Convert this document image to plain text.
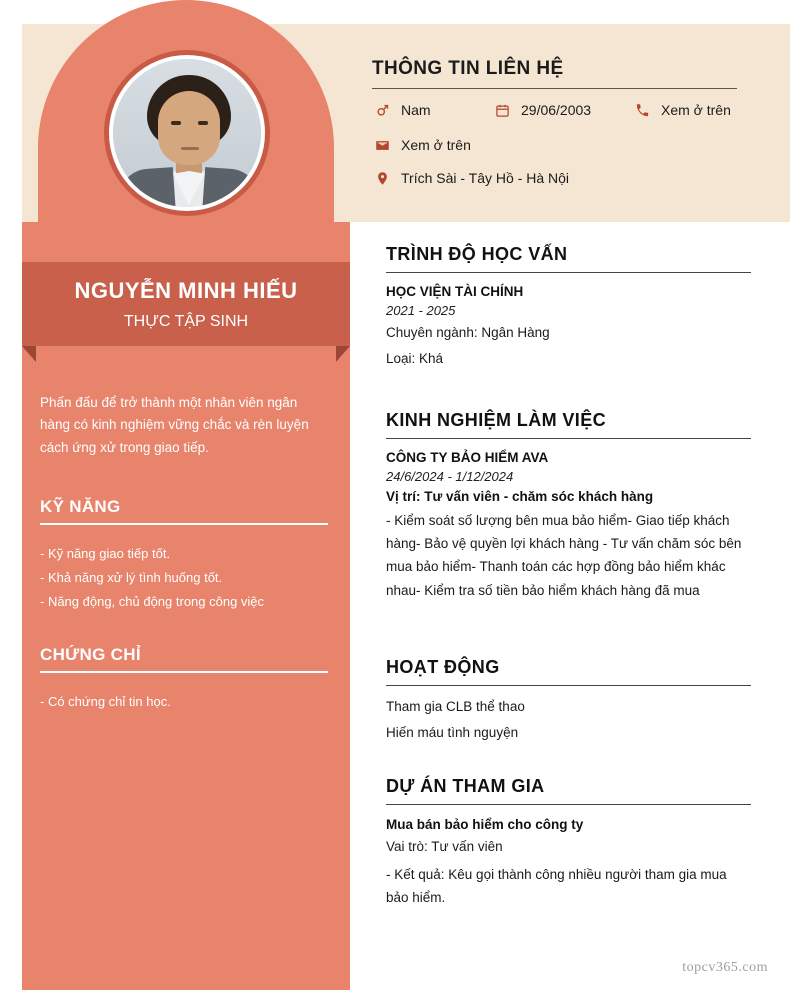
NGUYỄN MINH HIẾU
THỰC TẬP SINH
Phấn đấu để trở thành một nhân viên ngân hàng có kinh nghiệm vững chắc và rèn luyện cách ứng xử trong giao tiếp.
KỸ NĂNG
- Kỹ năng giao tiếp tốt.
- Khả năng xử lý tình huống tốt.
- Năng động, chủ động trong công việc
CHỨNG CHỈ
- Có chứng chỉ tin học.
THÔNG TIN LIÊN HỆ
Nam	29/06/2003	Xem ở trên
Xem ở trên
Trích Sài - Tây Hồ - Hà Nội
TRÌNH ĐỘ HỌC VẤN
HỌC VIỆN TÀI CHÍNH
2021 - 2025
Chuyên ngành: Ngân Hàng
Loại: Khá
KINH NGHIỆM LÀM VIỆC
CÔNG TY BẢO HIỂM AVA
24/6/2024 - 1/12/2024
Vị trí: Tư vấn viên - chăm sóc khách hàng
- Kiểm soát số lượng bên mua bảo hiểm- Giao tiếp khách hàng- Bảo vệ quyền lợi khách hàng - Tư vấn chăm sóc bên mua bảo hiểm- Thanh toán các hợp đồng bảo hiểm khác nhau- Kiểm tra số tiền bảo hiểm khách hàng đã mua
HOẠT ĐỘNG
Tham gia CLB thể thao
Hiến máu tình nguyện
DỰ ÁN THAM GIA
Mua bán bảo hiểm cho công ty
Vai trò: Tư vấn viên
- Kết quả: Kêu gọi thành công nhiều người tham gia mua bảo hiểm.
topcv365.com
